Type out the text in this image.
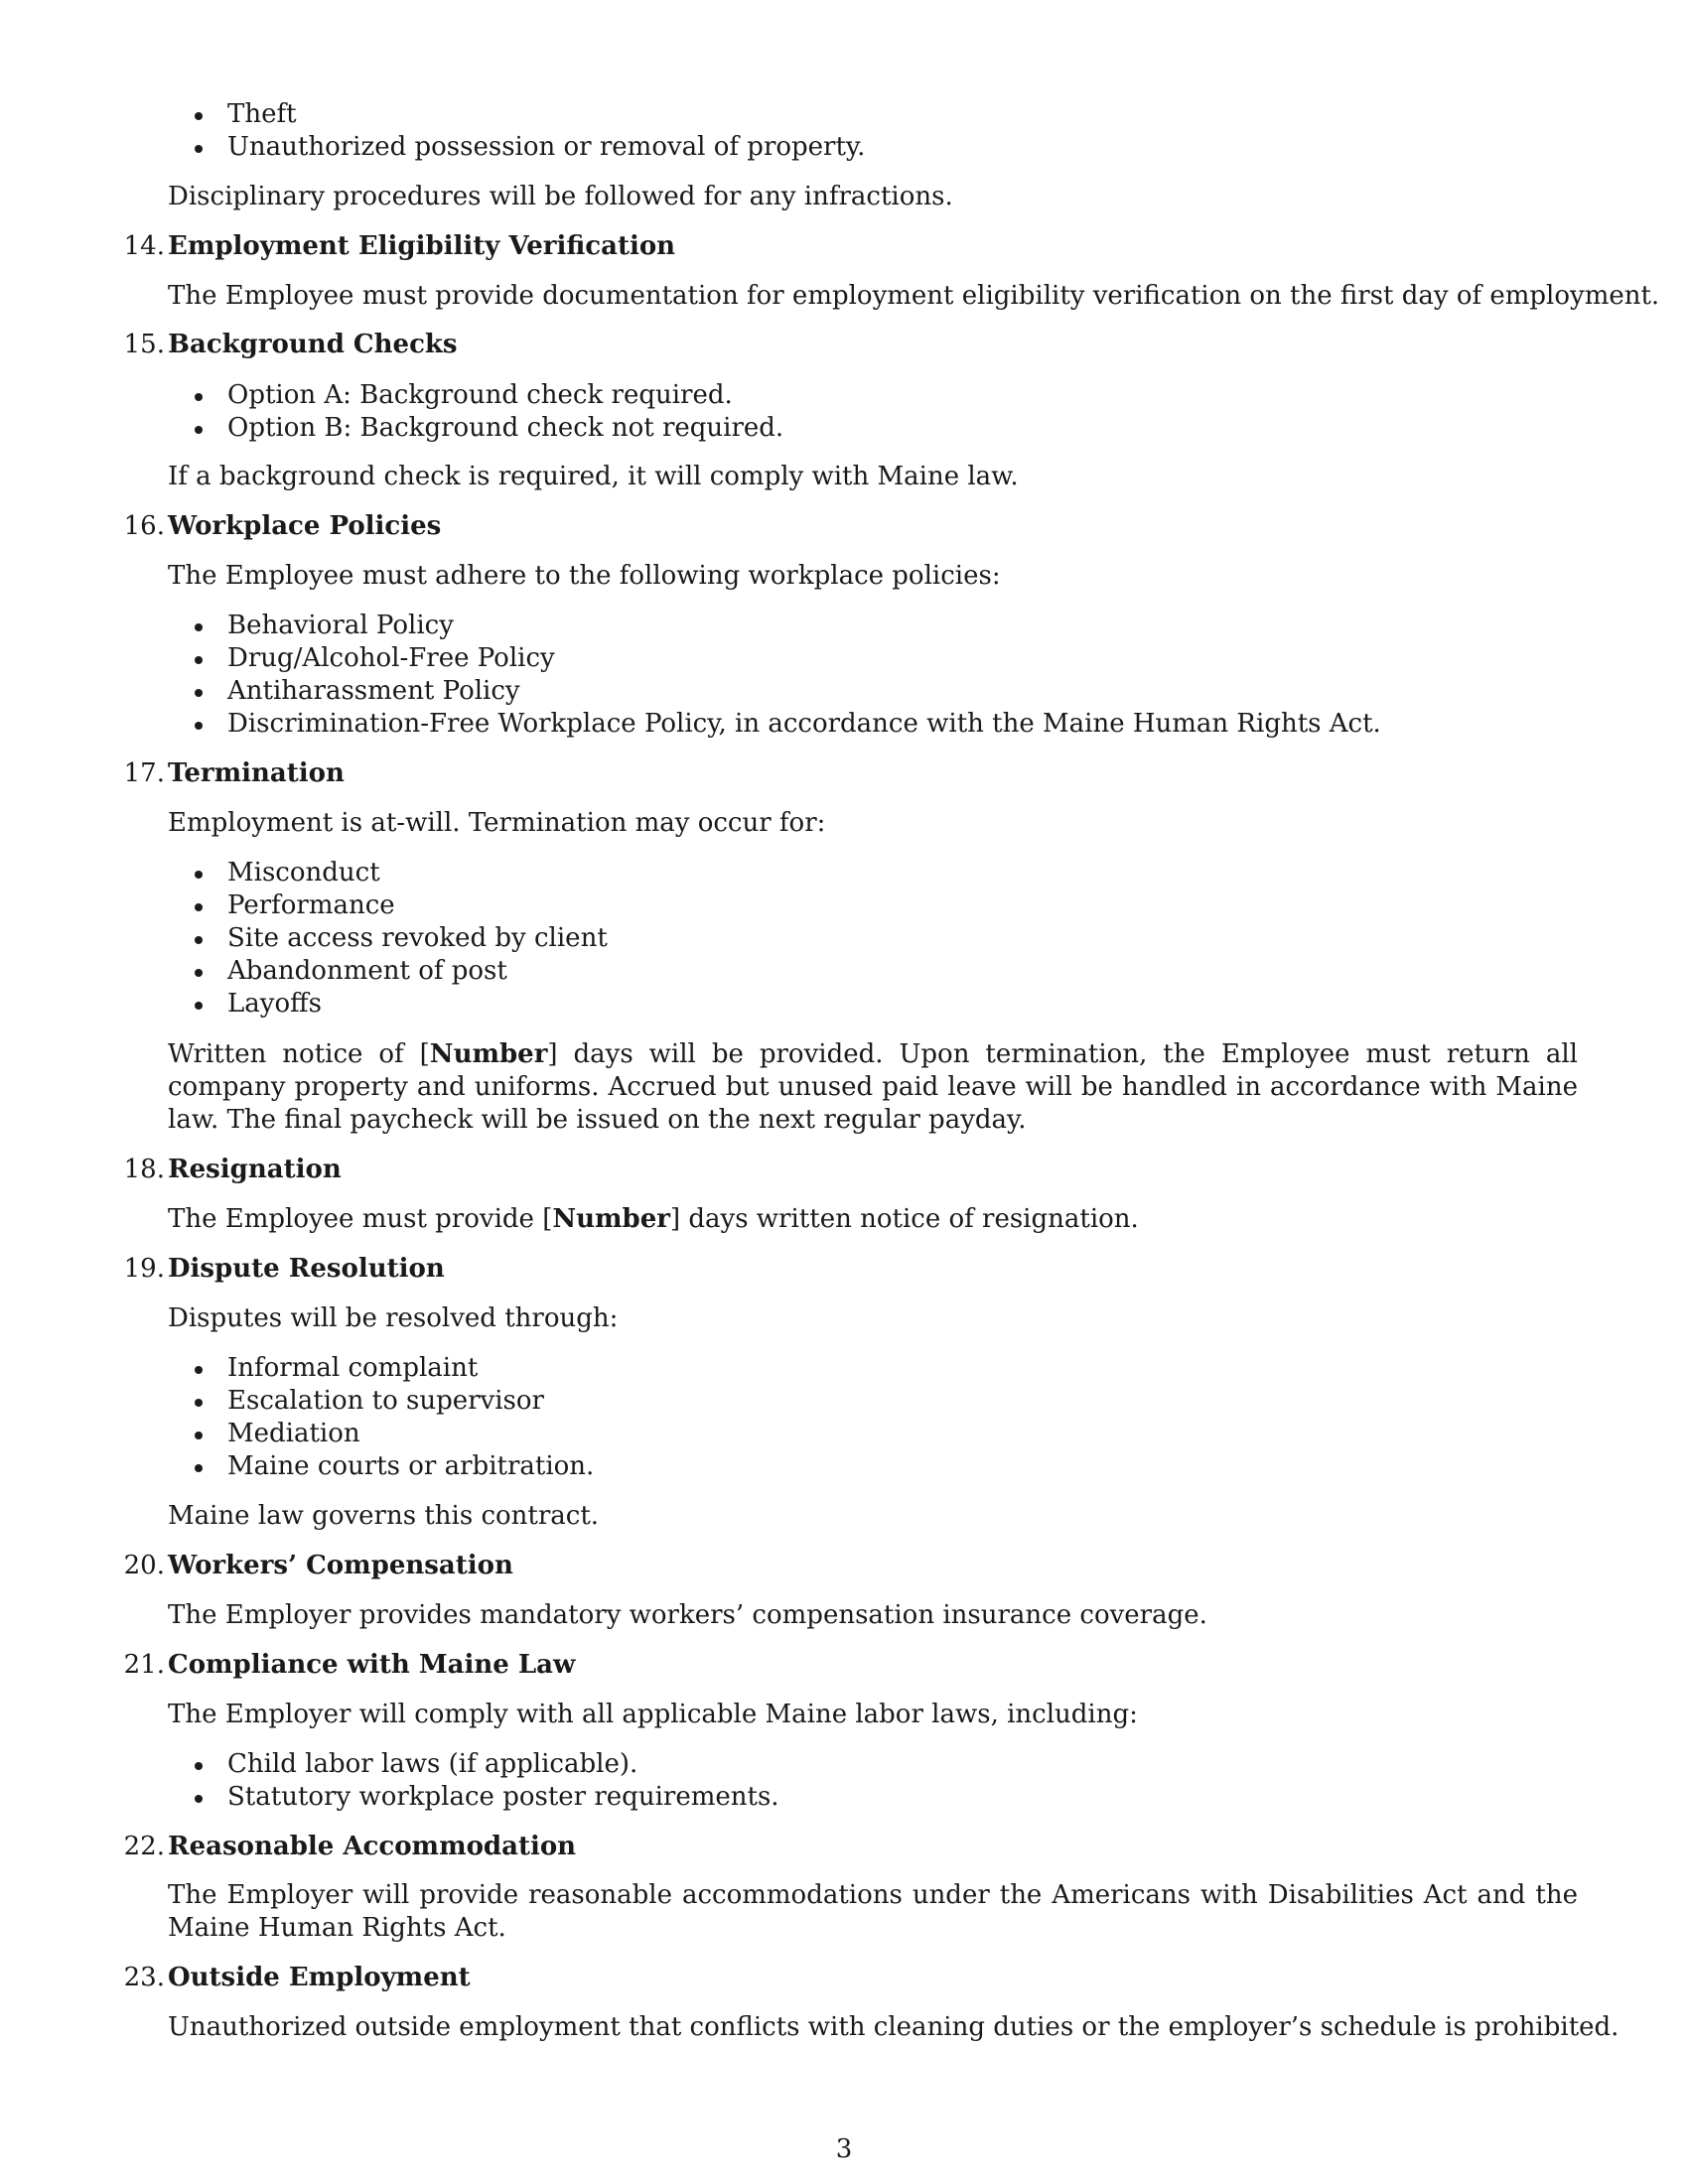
Theft
Unauthorized possession or removal of property.
Disciplinary procedures will be followed for any infractions.
14. Employment Eligibility Verification
The Employee must provide documentation for employment eligibility verification on the first day of employment.
15. Background Checks
Option A: Background check required.
Option B: Background check not required.
If a background check is required, it will comply with Maine law.
16. Workplace Policies
The Employee must adhere to the following workplace policies:
Behavioral Policy
Drug/Alcohol-Free Policy
Antiharassment Policy
Discrimination-Free Workplace Policy, in accordance with the Maine Human Rights Act.
17. Termination
Employment is at-will. Termination may occur for:
Misconduct
Performance
Site access revoked by client
Abandonment of post
Layoffs
Written notice of [Number] days will be provided. Upon termination, the Employee must return all company property and uniforms. Accrued but unused paid leave will be handled in accordance with Maine law. The final paycheck will be issued on the next regular payday.
18. Resignation
The Employee must provide [Number] days written notice of resignation.
19. Dispute Resolution
Disputes will be resolved through:
Informal complaint
Escalation to supervisor
Mediation
Maine courts or arbitration.
Maine law governs this contract.
20. Workers’ Compensation
The Employer provides mandatory workers’ compensation insurance coverage.
21. Compliance with Maine Law
The Employer will comply with all applicable Maine labor laws, including:
Child labor laws (if applicable).
Statutory workplace poster requirements.
22. Reasonable Accommodation
The Employer will provide reasonable accommodations under the Americans with Disabilities Act and the Maine Human Rights Act.
23. Outside Employment
Unauthorized outside employment that conflicts with cleaning duties or the employer’s schedule is prohibited.
3
